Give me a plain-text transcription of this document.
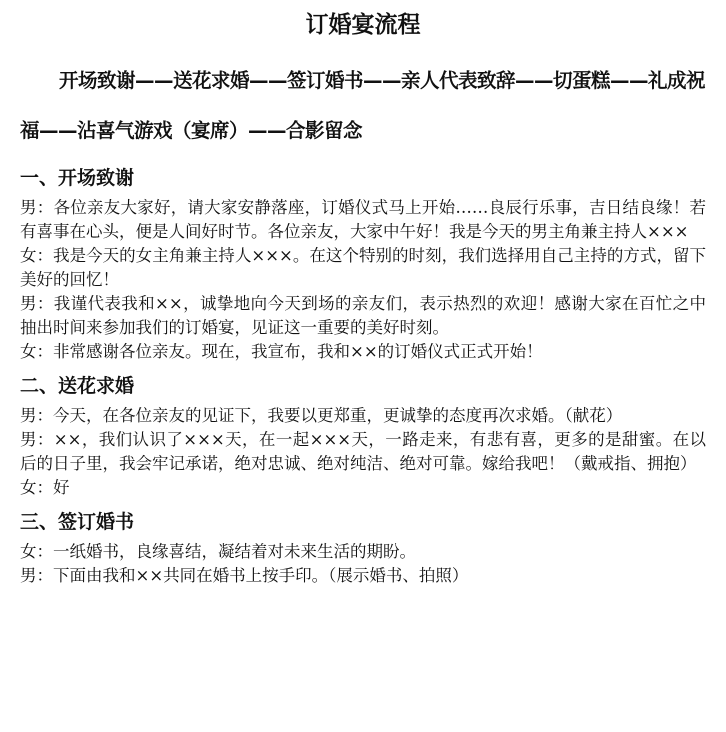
订婚宴流程

开场致谢——送花求婚——签订婚书——亲人代表致辞——切蛋糕——礼成祝福——沾喜气游戏（宴席）——合影留念

一、开场致谢

男：各位亲友大家好，请大家安静落座，订婚仪式马上开始……良辰行乐事，吉日结良缘！若有喜事在心头，便是人间好时节。各位亲友，大家中午好！我是今天的男主角兼主持人×××

女：我是今天的女主角兼主持人×××。在这个特别的时刻，我们选择用自己主持的方式，留下美好的回忆！

男：我谨代表我和××，诚挚地向今天到场的亲友们，表示热烈的欢迎！感谢大家在百忙之中抽出时间来参加我们的订婚宴，见证这一重要的美好时刻。

女：非常感谢各位亲友。现在，我宣布，我和××的订婚仪式正式开始！

二、送花求婚

男：今天，在各位亲友的见证下，我要以更郑重，更诚挚的态度再次求婚。（献花）

男：××，我们认识了×××天，在一起×××天，一路走来，有悲有喜，更多的是甜蜜。在以后的日子里，我会牢记承诺，绝对忠诚、绝对纯洁、绝对可靠。嫁给我吧！（戴戒指、拥抱）

女：好

三、签订婚书

女：一纸婚书，良缘喜结，凝结着对未来生活的期盼。

男：下面由我和××共同在婚书上按手印。（展示婚书、拍照）
